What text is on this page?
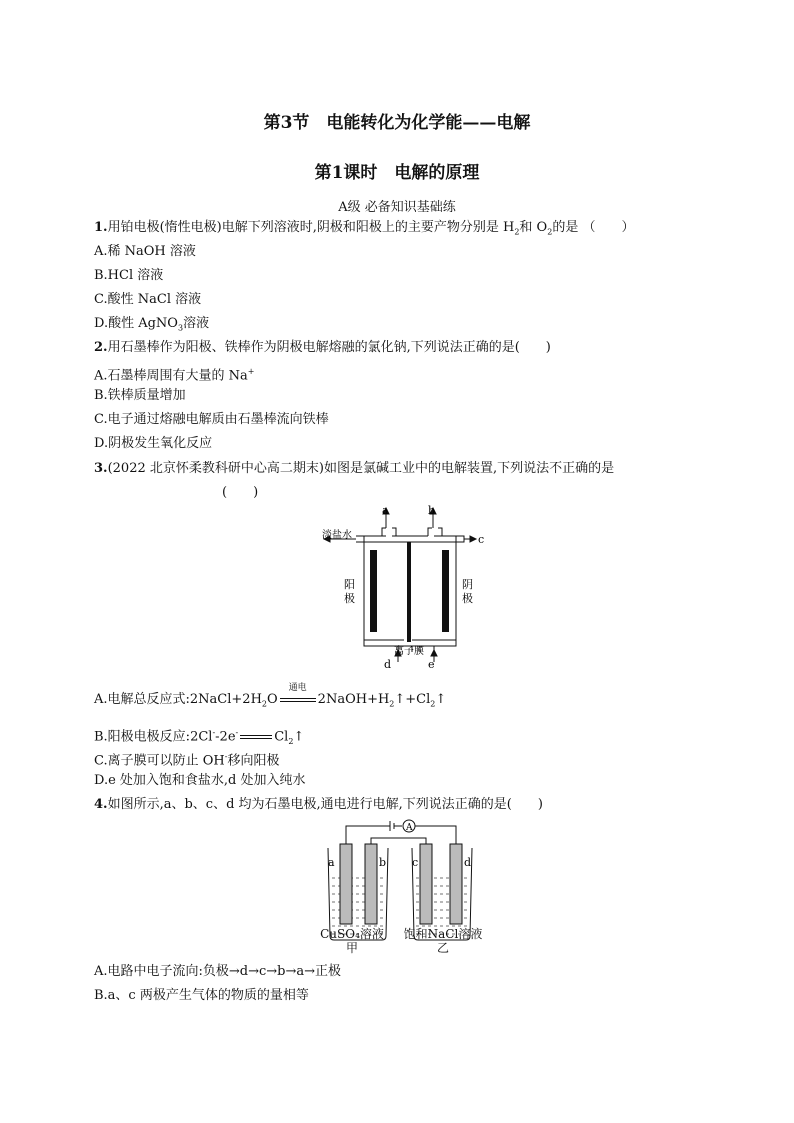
第3节　电能转化为化学能——电解
第1课时　电解的原理
A级 必备知识基础练
1.用铂电极(惰性电极)电解下列溶液时,阴极和阳极上的主要产物分别是 $H_2$和 $O_2$的是 （　　）
A.稀 NaOH 溶液
B.HCl 溶液
C.酸性 NaCl 溶液
D.酸性 AgNO$_3$溶液
2.用石墨棒作为阳极、铁棒作为阴极电解熔融的氯化钠,下列说法正确的是(　　)
A.石墨棒周围有大量的 Na+
B.铁棒质量增加
C.电子通过熔融电解质由石墨棒流向铁棒
D.阴极发生氧化反应
3.(2022 北京怀柔教科研中心高二期末)如图是氯碱工业中的电解装置,下列说法不正确的是
(　　)
a	b
c
淡盐水
阳
极
阴
极
离子膜
d	e
A.电解总反应式$:2NaCl+2H_2O$
通电
$2NaOH+H_2↑+Cl_2↑$
B.阳极电极反应:2Cl--2e-	$Cl_2↑$
C.离子膜可以防止 OH-移向阳极
D.e 处加入饱和食盐水,d 处加入纯水
4.如图所示,a、b、c、d 均为石墨电极,通电进行电解,下列说法正确的是(　　)
A
a	b c	d
CuSO₄溶液
甲
饱和NaCl溶液
乙
A.电路中电子流向:负极→d→c→b→a→正极
B.a、c 两极产生气体的物质的量相等
